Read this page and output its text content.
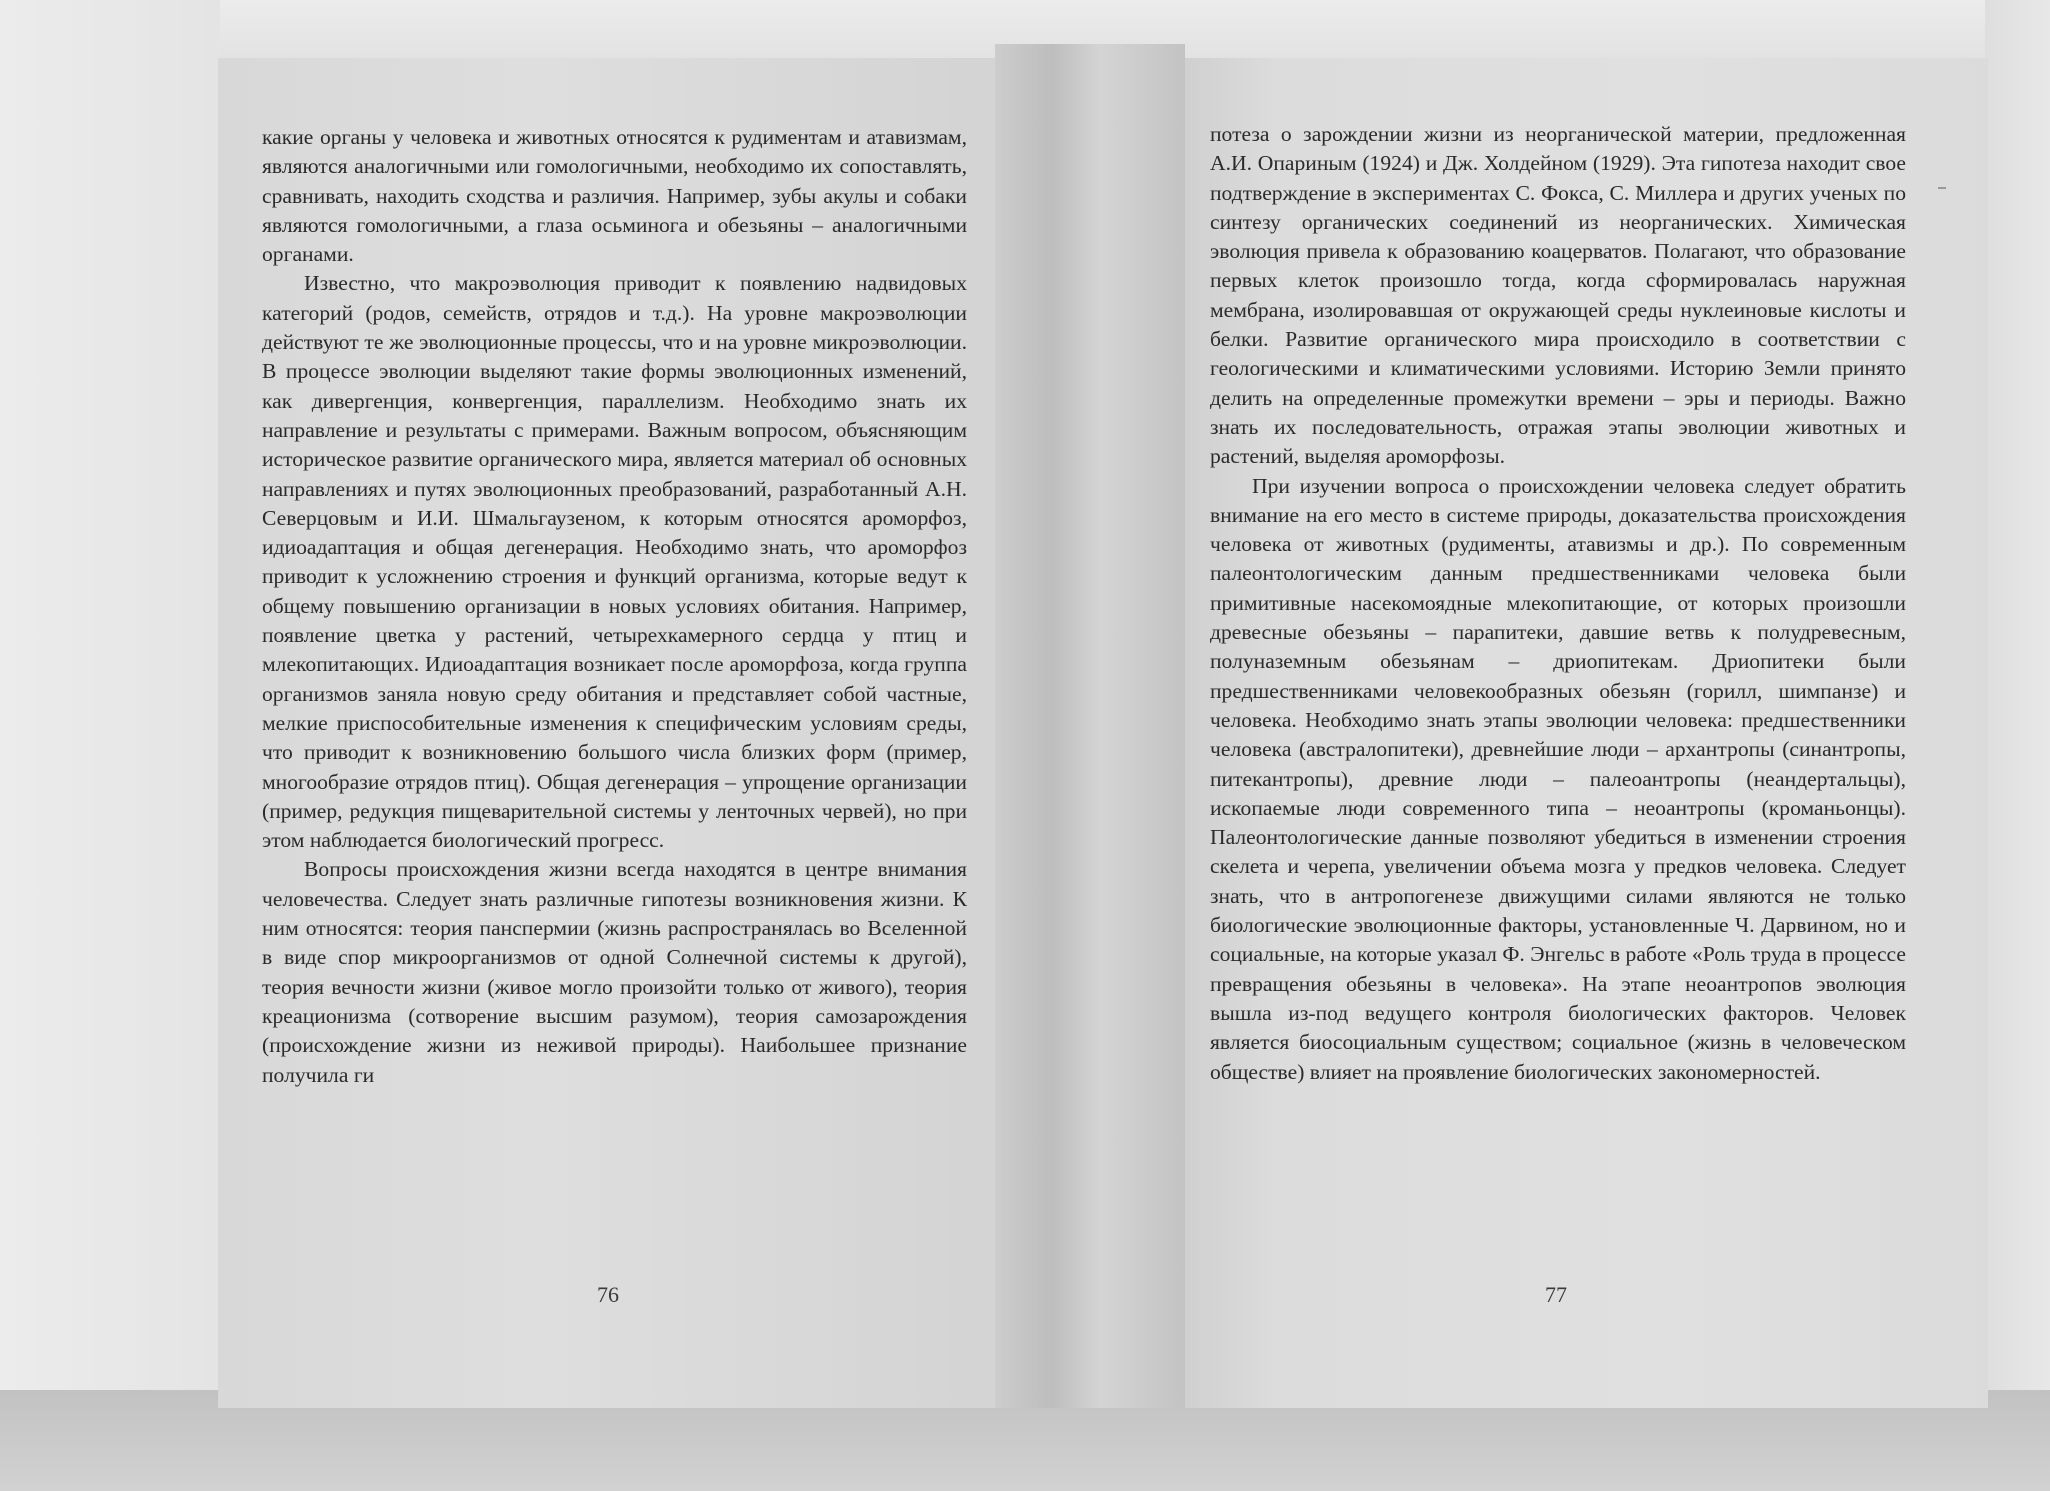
какие органы у человека и животных относятся к рудиментам и атавизмам, являются аналогичными или гомологичными, необходимо их сопоставлять, сравнивать, находить сходства и различия. Например, зубы акулы и собаки являются гомологичными, а глаза осьминога и обезьяны – аналогичными органами.

Известно, что макроэволюция приводит к появлению надвидовых категорий (родов, семейств, отрядов и т.д.). На уровне макроэволюции действуют те же эволюционные процессы, что и на уровне микроэволюции. В процессе эволюции выделяют такие формы эволюционных изменений, как дивергенция, конвергенция, параллелизм. Необходимо знать их направление и результаты с примерами. Важным вопросом, объясняющим историческое развитие органического мира, является материал об основных направлениях и путях эволюционных преобразований, разработанный А.Н. Северцовым и И.И. Шмальгаузеном, к которым относятся ароморфоз, идиоадаптация и общая дегенерация. Необходимо знать, что ароморфоз приводит к усложнению строения и функций организма, которые ведут к общему повышению организации в новых условиях обитания. Например, появление цветка у растений, четырехкамерного сердца у птиц и млекопитающих. Идиоадаптация возникает после ароморфоза, когда группа организмов заняла новую среду обитания и представляет собой частные, мелкие приспособительные изменения к специфическим условиям среды, что приводит к возникновению большого числа близких форм (пример, многообразие отрядов птиц). Общая дегенерация – упрощение организации (пример, редукция пищеварительной системы у ленточных червей), но при этом наблюдается биологический прогресс.

Вопросы происхождения жизни всегда находятся в центре внимания человечества. Следует знать различные гипотезы возникновения жизни. К ним относятся: теория панспермии (жизнь распространялась во Вселенной в виде спор микроорганизмов от одной Солнечной системы к другой), теория вечности жизни (живое могло произойти только от живого), теория креационизма (сотворение высшим разумом), теория самозарождения (происхождение жизни из неживой природы). Наибольшее признание получила ги

потеза о зарождении жизни из неорганической материи, предложенная А.И. Опариным (1924) и Дж. Холдейном (1929). Эта гипотеза находит свое подтверждение в экспериментах С. Фокса, С. Миллера и других ученых по синтезу органических соединений из неорганических. Химическая эволюция привела к образованию коацерватов. Полагают, что образование первых клеток произошло тогда, когда сформировалась наружная мембрана, изолировавшая от окружающей среды нуклеиновые кислоты и белки. Развитие органического мира происходило в соответствии с геологическими и климатическими условиями. Историю Земли принято делить на определенные промежутки времени – эры и периоды. Важно знать их последовательность, отражая этапы эволюции животных и растений, выделяя ароморфозы.

При изучении вопроса о происхождении человека следует обратить внимание на его место в системе природы, доказательства происхождения человека от животных (рудименты, атавизмы и др.). По современным палеонтологическим данным предшественниками человека были примитивные насекомоядные млекопитающие, от которых произошли древесные обезьяны – парапитеки, давшие ветвь к полудревесным, полуназемным обезьянам – дриопитекам. Дриопитеки были предшественниками человекообразных обезьян (горилл, шимпанзе) и человека. Необходимо знать этапы эволюции человека: предшественники человека (австралопитеки), древнейшие люди – архантропы (синантропы, питекантропы), древние люди – палеоантропы (неандертальцы), ископаемые люди современного типа – неоантропы (кроманьонцы). Палеонтологические данные позволяют убедиться в изменении строения скелета и черепа, увеличении объема мозга у предков человека. Следует знать, что в антропогенезе движущими силами являются не только биологические эволюционные факторы, установленные Ч. Дарвином, но и социальные, на которые указал Ф. Энгельс в работе «Роль труда в процессе превращения обезьяны в человека». На этапе неоантропов эволюция вышла из-под ведущего контроля биологических факторов. Человек является биосоциальным существом; социальное (жизнь в человеческом обществе) влияет на проявление биологических закономерностей.

76	77
